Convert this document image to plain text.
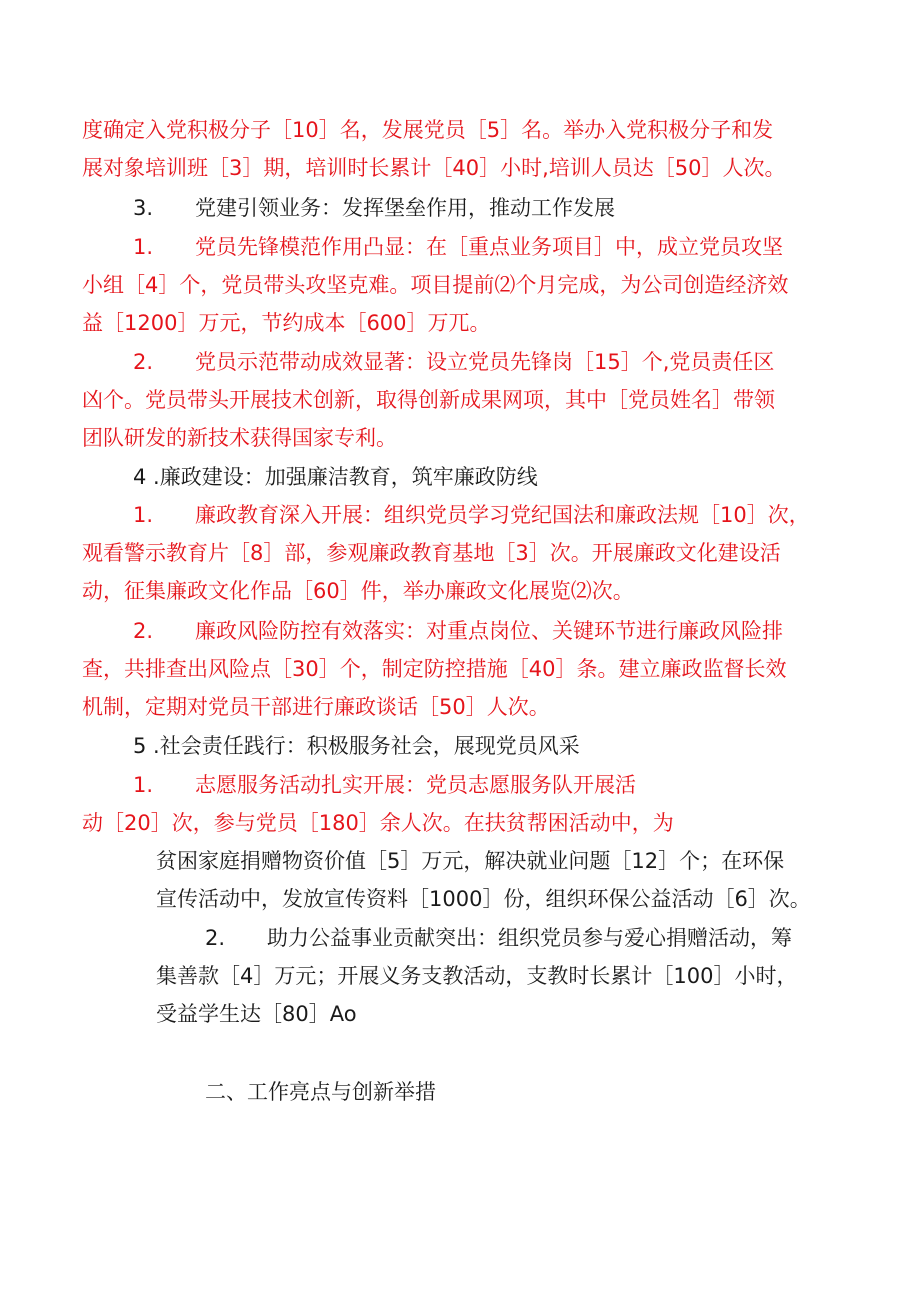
度确定入党积极分子［10］名，发展党员［5］名。举办入党积极分子和发
展对象培训班［3］期，培训时长累计［40］小时,培训人员达［50］人次。
3.　　党建引领业务：发挥堡垒作用，推动工作发展
1.　　党员先锋模范作用凸显：在［重点业务项目］中，成立党员攻坚
小组［4］个，党员带头攻坚克难。项目提前⑵个月完成，为公司创造经济效
益［1200］万元，节约成本［600］万兀。
2.　　党员示范带动成效显著：设立党员先锋岗［15］个,党员责任区
凶个。党员带头开展技术创新，取得创新成果网项，其中［党员姓名］带领
团队研发的新技术获得国家专利。
4 .廉政建设：加强廉洁教育，筑牢廉政防线
1.　　廉政教育深入开展：组织党员学习党纪国法和廉政法规［10］次，
观看警示教育片［8］部，参观廉政教育基地［3］次。开展廉政文化建设活
动，征集廉政文化作品［60］件，举办廉政文化展览⑵次。
2.　　廉政风险防控有效落实：对重点岗位、关键环节进行廉政风险排
查，共排查出风险点［30］个，制定防控措施［40］条。建立廉政监督长效
机制，定期对党员干部进行廉政谈话［50］人次。
5 .社会责任践行：积极服务社会，展现党员风采
1.　　志愿服务活动扎实开展：党员志愿服务队开展活
动［20］次，参与党员［180］余人次。在扶贫帮困活动中，为
贫困家庭捐赠物资价值［5］万元，解决就业问题［12］个；在环保
宣传活动中，发放宣传资料［1000］份，组织环保公益活动［6］次。
2.　　助力公益事业贡献突出：组织党员参与爱心捐赠活动，筹
集善款［4］万元；开展义务支教活动，支教时长累计［100］小时，
受益学生达［80］Ao
二、工作亮点与创新举措
